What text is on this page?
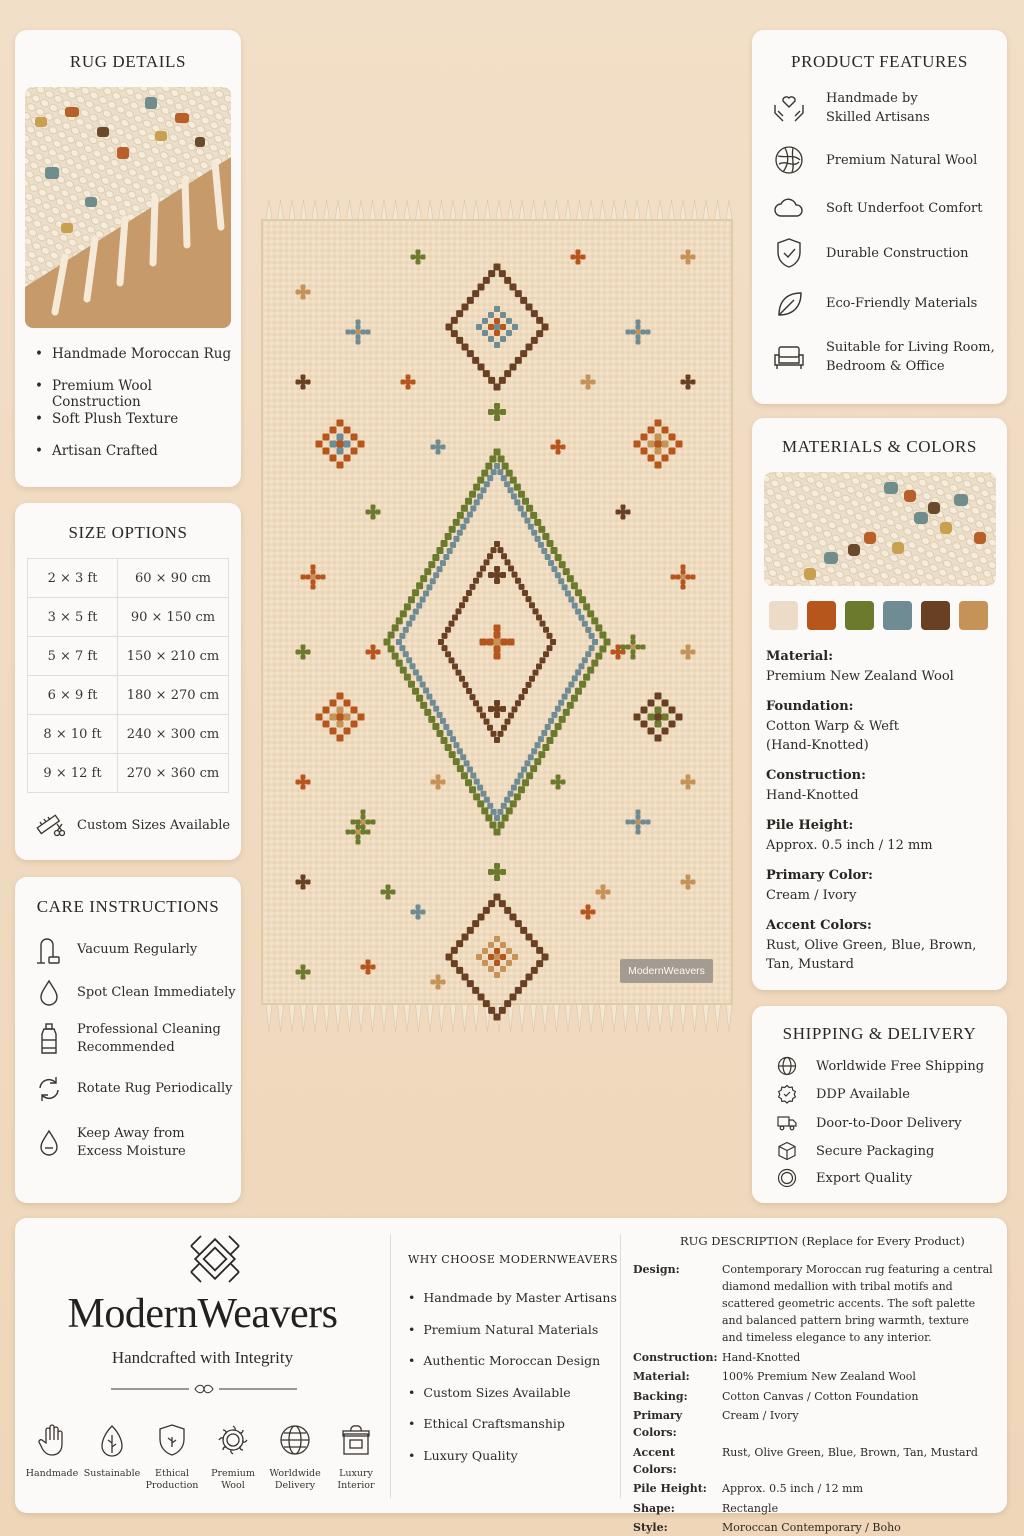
RUG DETAILS
• Handmade Moroccan Rug
• Premium Wool Construction
• Soft Plush Texture
• Artisan Crafted
SIZE OPTIONS
2 × 3 ft	60 × 90 cm
3 × 5 ft	90 × 150 cm
5 × 7 ft	150 × 210 cm
6 × 9 ft	180 × 270 cm
8 × 10 ft	240 × 300 cm
9 × 12 ft	270 × 360 cm
Custom Sizes Available
CARE INSTRUCTIONS
Vacuum Regularly
Spot Clean Immediately
Professional Cleaning
Recommended
Rotate Rug Periodically
Keep Away from
Excess Moisture
ModernWeavers
PRODUCT FEATURES
Handmade by
Skilled Artisans
Premium Natural Wool
Soft Underfoot Comfort
Durable Construction
Eco-Friendly Materials
Suitable for Living Room,
Bedroom & Office
MATERIALS & COLORS
Material:
Premium New Zealand Wool
Foundation:
Cotton Warp & Weft
(Hand-Knotted)
Construction:
Hand-Knotted
Pile Height:
Approx. 0.5 inch / 12 mm
Primary Color:
Cream / Ivory
Accent Colors:
Rust, Olive Green, Blue, Brown,
Tan, Mustard
SHIPPING & DELIVERY
Worldwide Free Shipping
DDP Available
Door-to-Door Delivery
Secure Packaging
Export Quality
ModernWeavers
Handcrafted with Integrity
Handmade Sustainable	Ethical
Production
Premium
Wool
Worldwide
Delivery
Luxury
Interior
WHY CHOOSE MODERNWEAVERS
• Handmade by Master Artisans
• Premium Natural Materials
• Authentic Moroccan Design
• Custom Sizes Available
• Ethical Craftsmanship
• Luxury Quality
RUG DESCRIPTION (Replace for Every Product)
Design:	Contemporary Moroccan rug featuring a central diamond medallion with tribal motifs and scattered geometric accents. The soft palette and balanced pattern bring warmth, texture and timeless elegance to any interior.
Construction:	Hand-Knotted
Material:	100% Premium New Zealand Wool
Backing:	Cotton Canvas / Cotton Foundation
Primary Colors:	Cream / Ivory
Accent Colors:	Rust, Olive Green, Blue, Brown, Tan, Mustard
Pile Height:	Approx. 0.5 inch / 12 mm
Shape:	Rectangle
Style:	Moroccan Contemporary / Boho
